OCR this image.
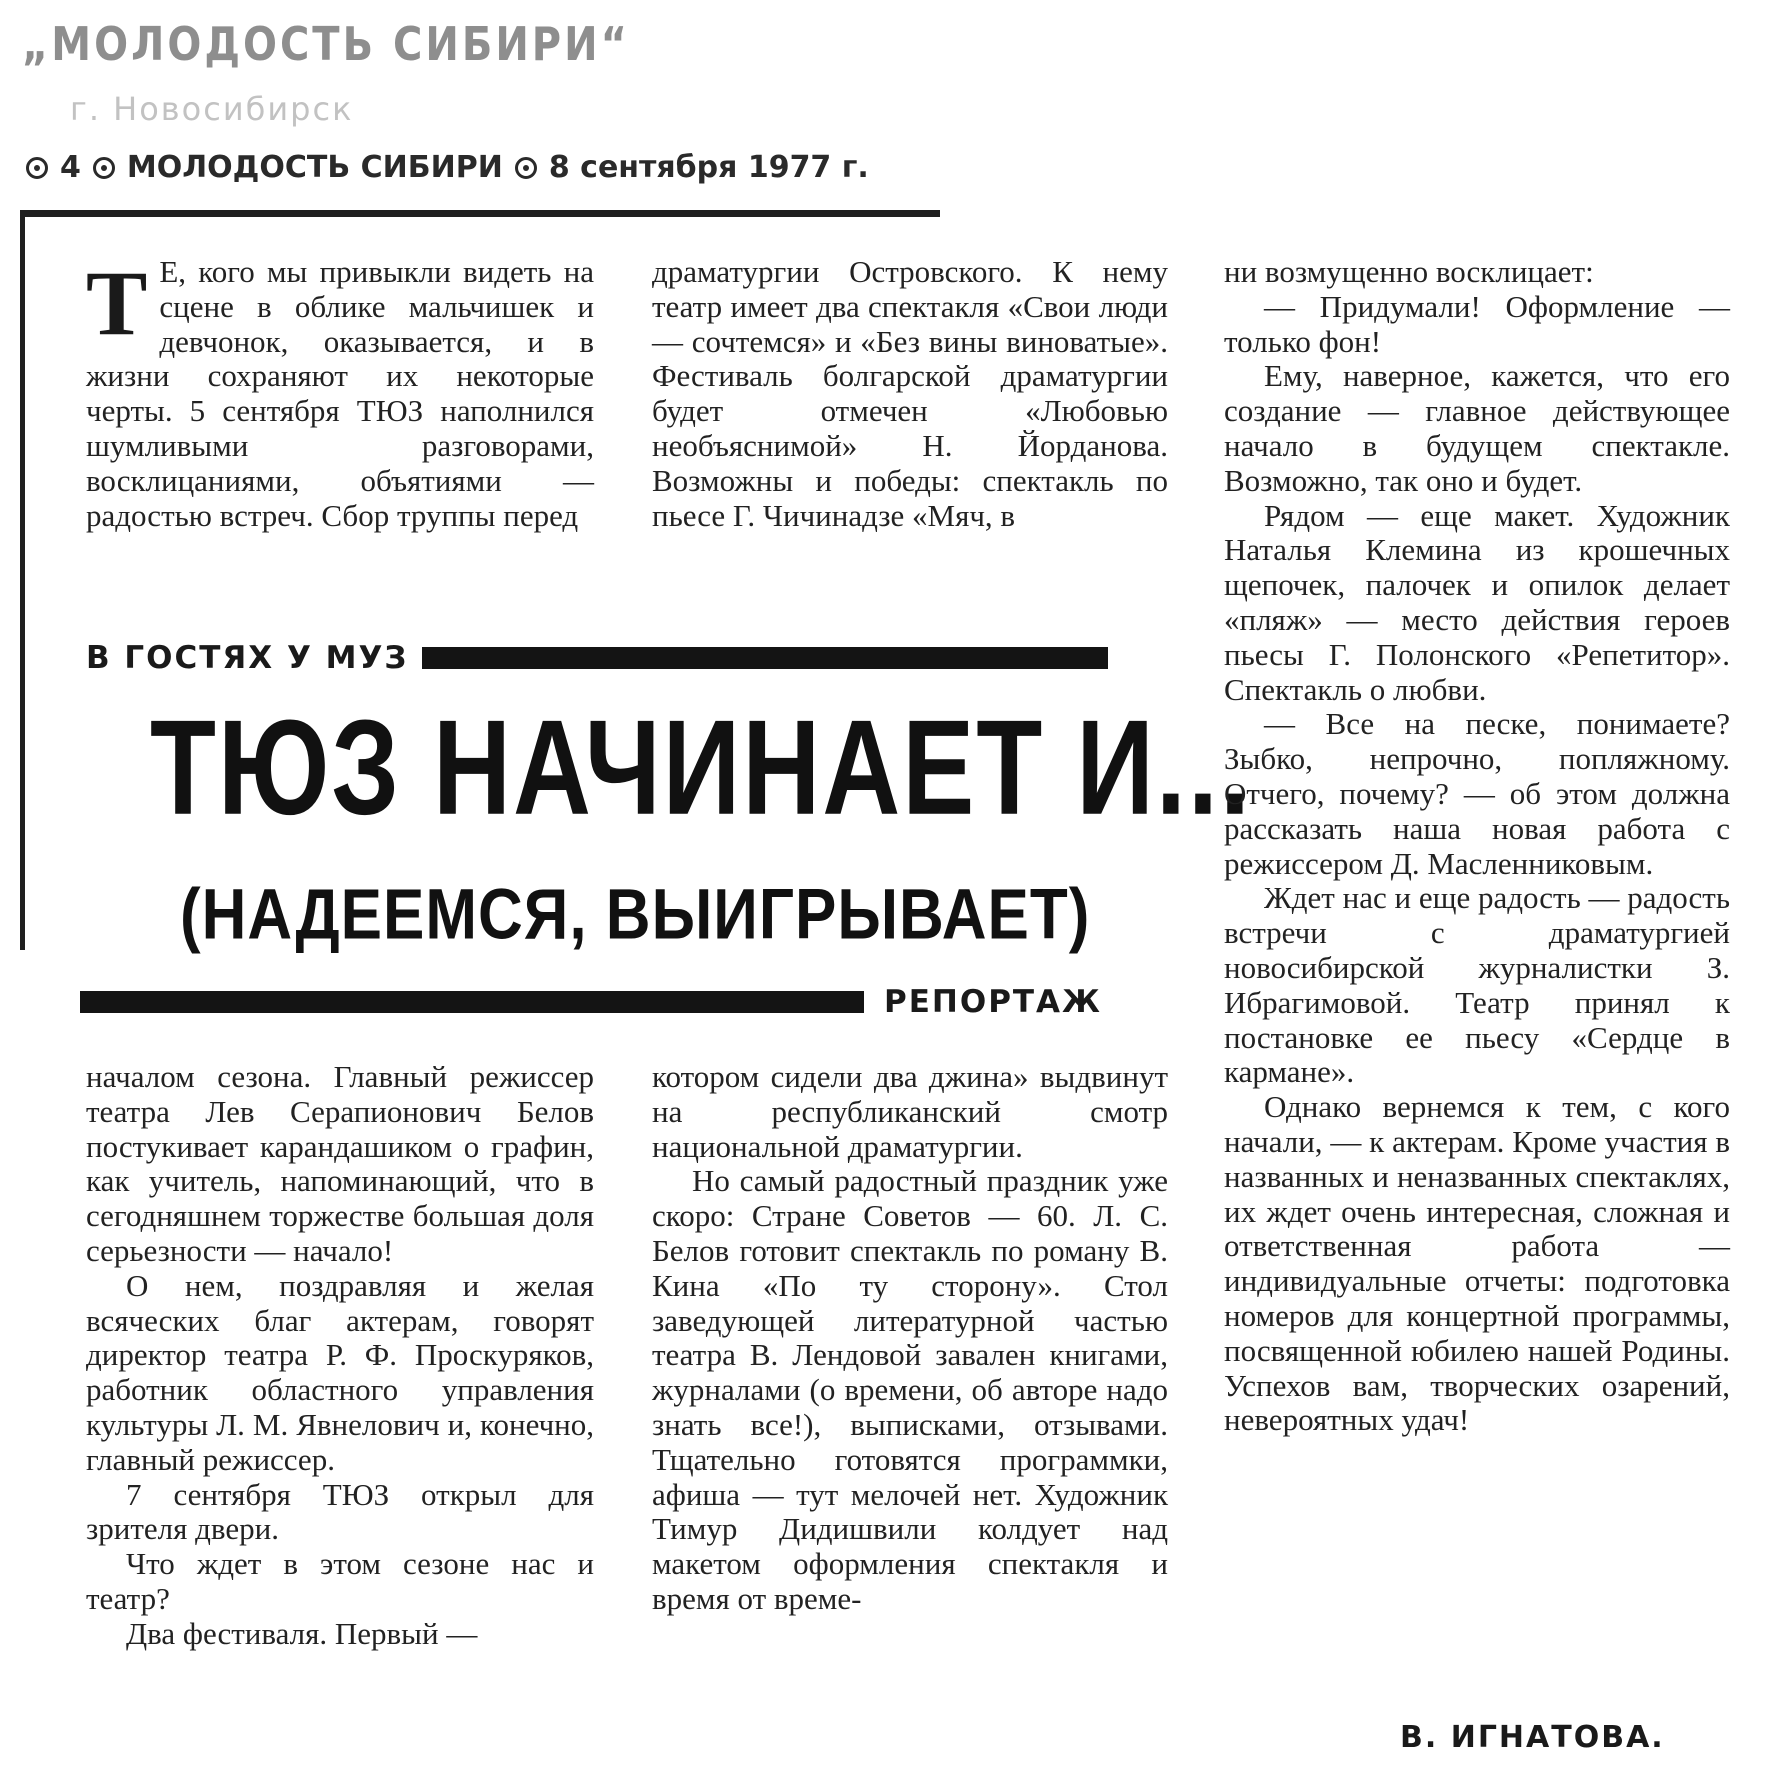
„МОЛОДОСТЬ СИБИРИ“
г. Новосибирск
4 МОЛОДОСТЬ СИБИРИ 8 сентября 1977 г.
Т Е, кого мы привыкли видеть на сцене в облике мальчишек и девчонок, оказывается, и в жизни сохраняют их некоторые черты. 5 сентября ТЮЗ наполнился шумливыми разговорами, восклицаниями, объятиями — радостью встреч. Сбор труппы перед

драматургии Островского. К нему театр имеет два спектакля «Свои люди — сочтемся» и «Без вины виноватые». Фестиваль болгарской драматургии будет отмечен «Любовью необъяснимой» Н. Йорданова. Возможны и победы: спектакль по пьесе Г. Чичинадзе «Мяч, в

В ГОСТЯХ У МУЗ
ТЮЗ НАЧИНАЕТ И...
(НАДЕЕМСЯ, ВЫИГРЫВАЕТ)
РЕПОРТАЖ

началом сезона. Главный режиссер театра Лев Серапионович Белов постукивает карандашиком о графин, как учитель, напоминающий, что в сегодняшнем торжестве большая доля серьезности — начало!

О нем, поздравляя и желая всяческих благ актерам, говорят директор театра Р. Ф. Проскуряков, работник областного управления культуры Л. М. Явнелович и, конечно, главный режиссер.

7 сентября ТЮЗ открыл для зрителя двери.

Что ждет в этом сезоне нас и театр?

Два фестиваля. Первый —

котором сидели два джина» выдвинут на республиканский смотр национальной драматургии.

Но самый радостный праздник уже скоро: Стране Советов — 60. Л. С. Белов готовит спектакль по роману В. Кина «По ту сторону». Стол заведующей литературной частью театра В. Лендовой завален книгами, журналами (о времени, об авторе надо знать все!), выписками, отзывами. Тщательно готовятся программки, афиша — тут мелочей нет. Художник Тимур Дидишвили колдует над макетом оформления спектакля и время от време-

ни возмущенно восклицает:

— Придумали! Оформление — только фон!

Ему, наверное, кажется, что его создание — главное действующее начало в будущем спектакле. Возможно, так оно и будет.

Рядом — еще макет. Художник Наталья Клемина из крошечных щепочек, палочек и опилок делает «пляж» — место действия героев пьесы Г. Полонского «Репетитор». Спектакль о любви.

— Все на песке, понимаете? Зыбко, непрочно, попляжному. Отчего, почему? — об этом должна рассказать наша новая работа с режиссером Д. Масленниковым.

Ждет нас и еще радость — радость встречи с драматургией новосибирской журналистки З. Ибрагимовой. Театр принял к постановке ее пьесу «Сердце в кармане».

Однако вернемся к тем, с кого начали, — к актерам. Кроме участия в названных и неназванных спектаклях, их ждет очень интересная, сложная и ответственная работа — индивидуальные отчеты: подготовка номеров для концертной программы, посвященной юбилею нашей Родины. Успехов вам, творческих озарений, невероятных удач!

В. ИГНАТОВА.
